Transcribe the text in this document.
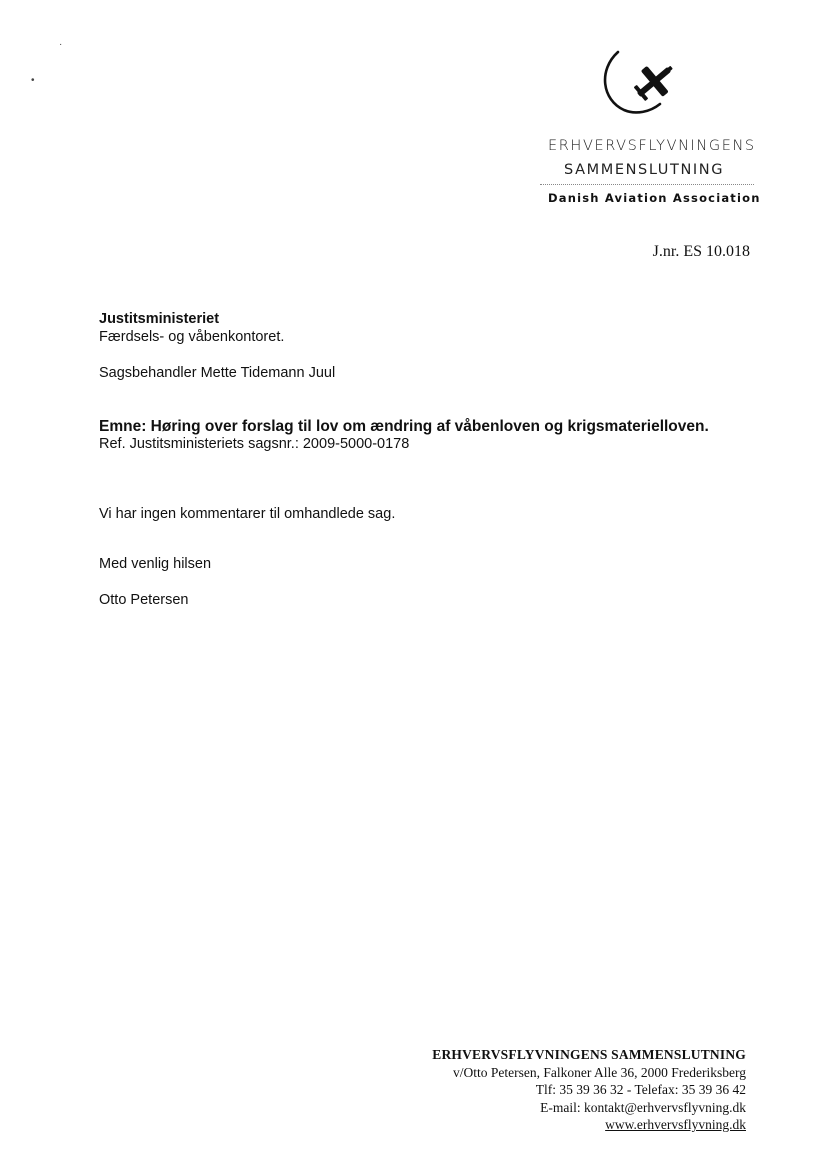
·
•
ERHVERVSFLYVNINGENS
SAMMENSLUTNING
Danish Aviation Association
J.nr. ES 10.018
Justitsministeriet
Færdsels- og våbenkontoret.
Sagsbehandler Mette Tidemann Juul
Emne: Høring over forslag til lov om ændring af våbenloven og krigsmaterielloven.
Ref. Justitsministeriets sagsnr.: 2009-5000-0178
Vi har ingen kommentarer til omhandlede sag.
Med venlig hilsen
Otto Petersen
ERHVERVSFLYVNINGENS SAMMENSLUTNING
v/Otto Petersen, Falkoner Alle 36, 2000 Frederiksberg
Tlf: 35 39 36 32 - Telefax: 35 39 36 42
E-mail: kontakt@erhvervsflyvning.dk
www.erhvervsflyvning.dk
